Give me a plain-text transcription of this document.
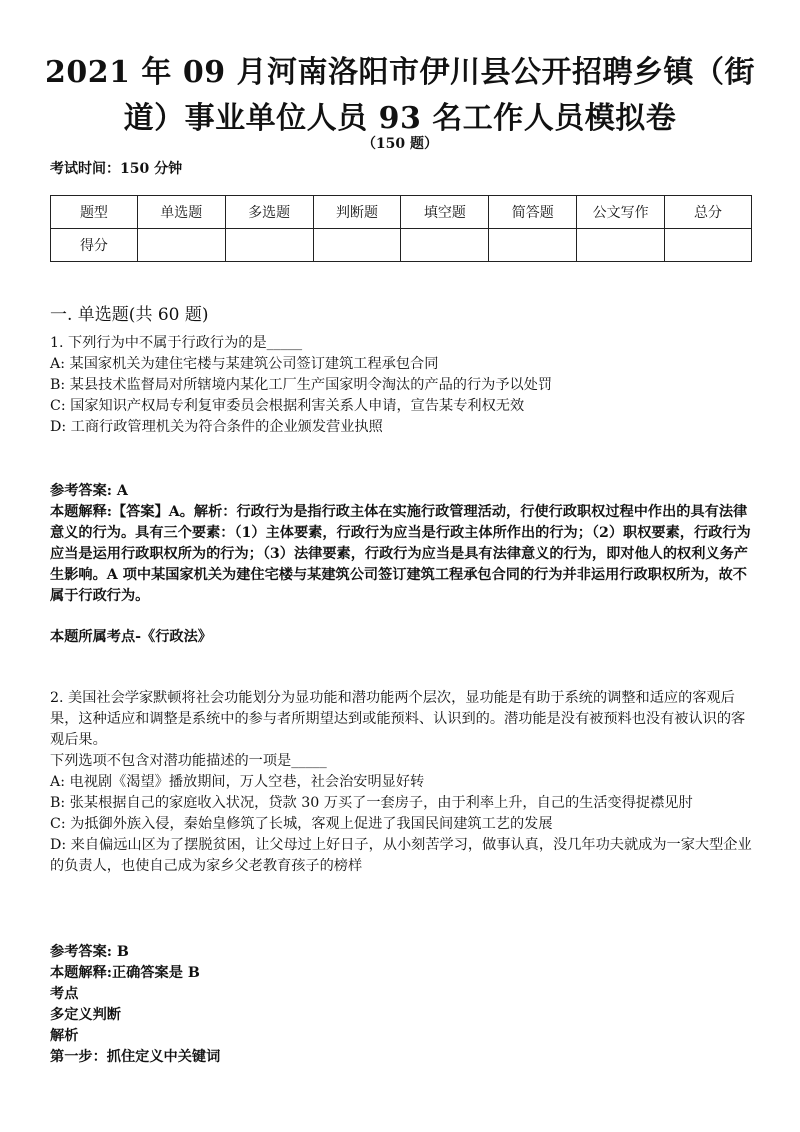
2021 年 09 月河南洛阳市伊川县公开招聘乡镇（街
道）事业单位人员 93 名工作人员模拟卷
（150 题）
考试时间：150 分钟
题型	单选题	多选题	判断题	填空题	简答题	公文写作	总分
得分							
一. 单选题(共 60 题)
1. 下列行为中不属于行政行为的是_____
A: 某国家机关为建住宅楼与某建筑公司签订建筑工程承包合同
B: 某县技术监督局对所辖境内某化工厂生产国家明令淘汰的产品的行为予以处罚
C: 国家知识产权局专利复审委员会根据利害关系人申请，宣告某专利权无效
D: 工商行政管理机关为符合条件的企业颁发营业执照
参考答案: A
本题解释:【答案】A。解析：行政行为是指行政主体在实施行政管理活动，行使行政职权过程中作出的具有法律意义的行为。具有三个要素：（1）主体要素，行政行为应当是行政主体所作出的行为；（2）职权要素，行政行为应当是运用行政职权所为的行为；（3）法律要素，行政行为应当是具有法律意义的行为，即对他人的权利义务产生影响。A 项中某国家机关为建住宅楼与某建筑公司签订建筑工程承包合同的行为并非运用行政职权所为，故不属于行政行为。
本题所属考点-《行政法》
2. 美国社会学家默顿将社会功能划分为显功能和潜功能两个层次，显功能是有助于系统的调整和适应的客观后果，这种适应和调整是系统中的参与者所期望达到或能预料、认识到的。潜功能是没有被预料也没有被认识的客观后果。
下列选项不包含对潜功能描述的一项是_____
A: 电视剧《渴望》播放期间，万人空巷，社会治安明显好转
B: 张某根据自己的家庭收入状况，贷款 30 万买了一套房子，由于利率上升，自己的生活变得捉襟见肘
C: 为抵御外族入侵，秦始皇修筑了长城，客观上促进了我国民间建筑工艺的发展
D: 来自偏远山区为了摆脱贫困，让父母过上好日子，从小刻苦学习，做事认真，没几年功夫就成为一家大型企业的负责人，也使自己成为家乡父老教育孩子的榜样
参考答案: B
本题解释:正确答案是 B
考点
多定义判断
解析
第一步：抓住定义中关键词
